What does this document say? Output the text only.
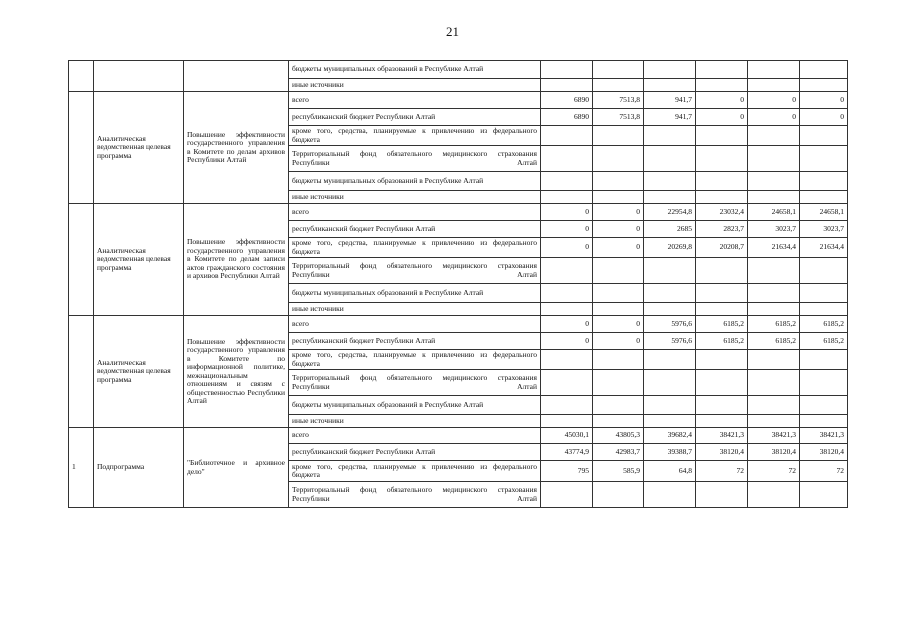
21
			бюджеты муниципальных образований в Республике Алтай						
			иные источники						
	Аналитическая ведомственная целевая программа	Повышение эффективности государственного управления в Комитете по делам архивов Республики Алтай	всего	6890	7513,8	941,7	0	0	0
			республиканский бюджет Республики Алтай	6890	7513,8	941,7	0	0	0
			кроме того, средства, планируемые к привлечению из федерального бюджета						
			Территориальный фонд обязательного медицинского страхования Республики Алтай						
			бюджеты муниципальных образований в Республике Алтай						
			иные источники						
	Аналитическая ведомственная целевая программа	Повышение эффективности государственного управления в Комитете по делам записи актов гражданского состояния и архивов Республики Алтай	всего	0	0	22954,8	23032,4	24658,1	24658,1
			республиканский бюджет Республики Алтай	0	0	2685	2823,7	3023,7	3023,7
			кроме того, средства, планируемые к привлечению из федерального бюджета	0	0	20269,8	20208,7	21634,4	21634,4
			Территориальный фонд обязательного медицинского страхования Республики Алтай						
			бюджеты муниципальных образований в Республике Алтай						
			иные источники						
	Аналитическая ведомственная целевая программа	Повышение эффективности государственного управления в Комитете по информационной политике, межнациональным отношениям и связям с общественностью Республики Алтай	всего	0	0	5976,6	6185,2	6185,2	6185,2
			республиканский бюджет Республики Алтай	0	0	5976,6	6185,2	6185,2	6185,2
			кроме того, средства, планируемые к привлечению из федерального бюджета						
			Территориальный фонд обязательного медицинского страхования Республики Алтай						
			бюджеты муниципальных образований в Республике Алтай						
			иные источники						
1	Подпрограмма	"Библиотечное и архивное дело"	всего	45030,1	43805,3	39682,4	38421,3	38421,3	38421,3
			республиканский бюджет Республики Алтай	43774,9	42983,7	39388,7	38120,4	38120,4	38120,4
			кроме того, средства, планируемые к привлечению из федерального бюджета	795	585,9	64,8	72	72	72
			Территориальный фонд обязательного медицинского страхования Республики Алтай						
